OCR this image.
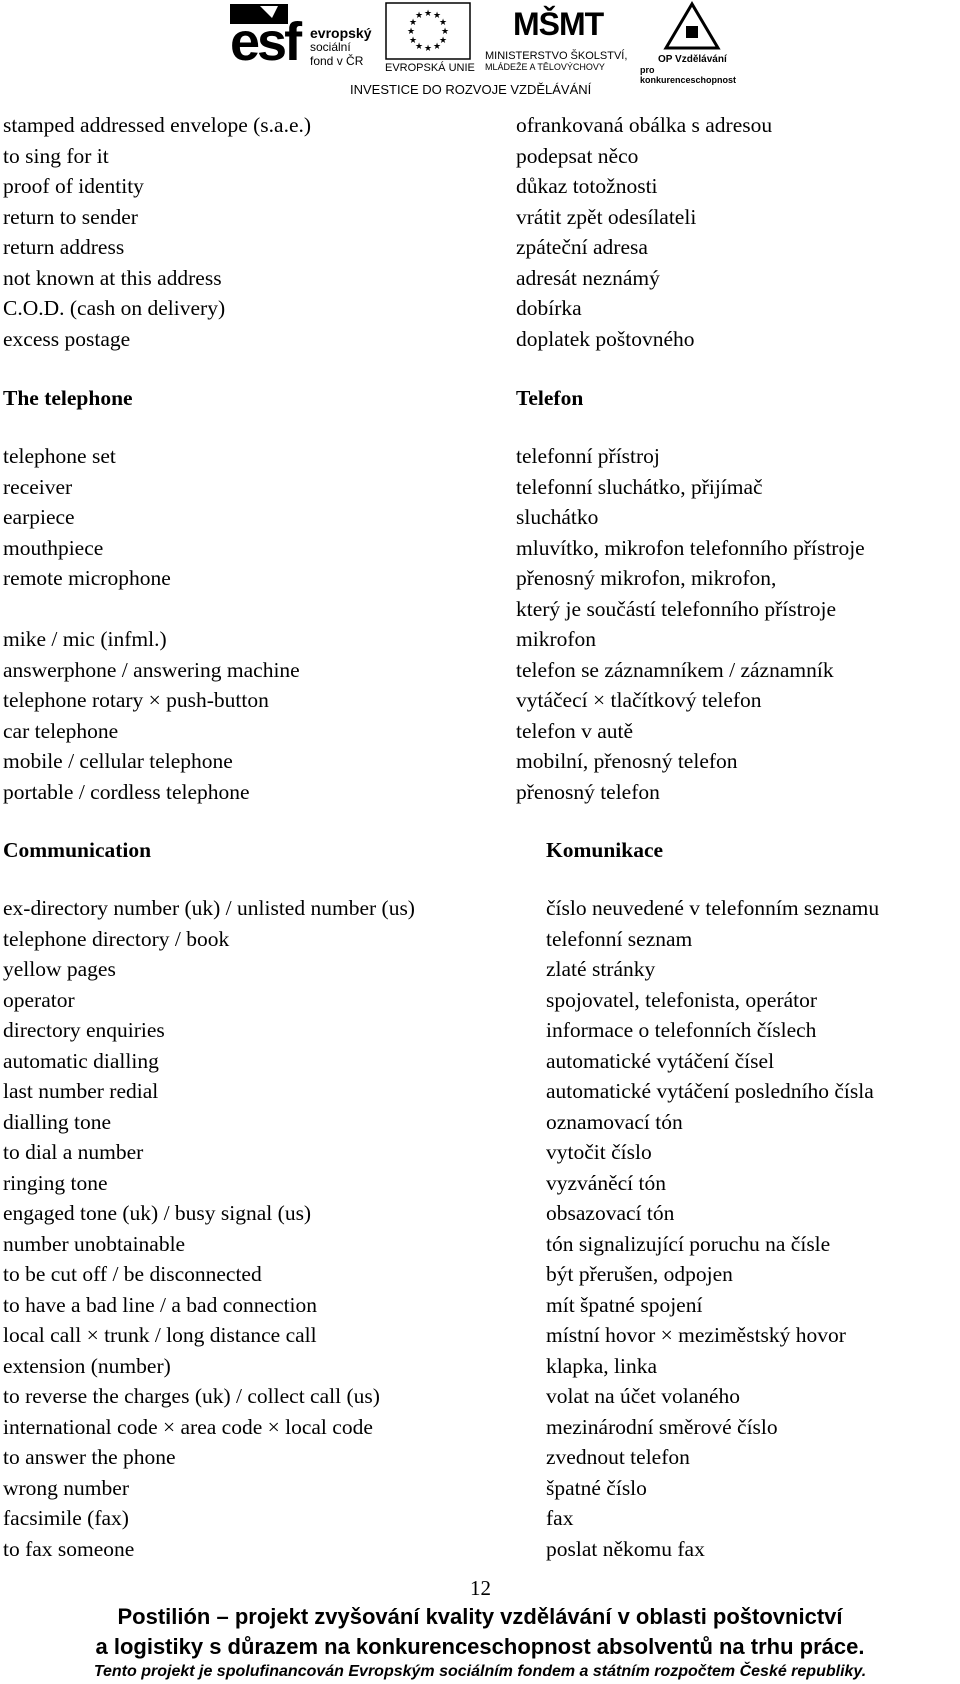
esf evropský
sociální
fond v ČR
★ ★
★
★
★
★
★
★
★
★
★
★
EVROPSKÁ UNIE
MŠMT
MINISTERSTVO ŠKOLSTVÍ,
MLÁDEŽE A TĚLOVÝCHOVY
OP Vzdělávání
pro konkurenceschopnost
INVESTICE DO ROZVOJE VZDĚLÁVÁNÍ
stamped addressed envelope (s.a.e.)
to sing for it
proof of identity
return to sender
return address
not known at this address
C.O.D. (cash on delivery)
excess postage
ofrankovaná obálka s adresou
podepsat něco
důkaz totožnosti
vrátit zpět odesílateli
zpáteční adresa
adresát neznámý
dobírka
doplatek poštovného
The telephone	Telefon
telephone set
receiver
earpiece
mouthpiece
remote microphone
mike / mic (infml.)
answerphone / answering machine
telephone rotary × push-button
car telephone
mobile / cellular telephone
portable / cordless telephone
telefonní přístroj
telefonní sluchátko, přijímač
sluchátko
mluvítko, mikrofon telefonního přístroje
přenosný mikrofon, mikrofon,
který je součástí telefonního přístroje
mikrofon
telefon se záznamníkem / záznamník
vytáčecí × tlačítkový telefon
telefon v autě
mobilní, přenosný telefon
přenosný telefon
Communication	Komunikace
ex-directory number (uk) / unlisted number (us)
telephone directory / book
yellow pages
operator
directory enquiries
automatic dialling
last number redial
dialling tone
to dial a number
ringing tone
engaged tone (uk) / busy signal (us)
number unobtainable
to be cut off / be disconnected
to have a bad line / a bad connection
local call × trunk / long distance call
extension (number)
to reverse the charges (uk) / collect call (us)
international code × area code × local code
to answer the phone
wrong number
facsimile (fax)
to fax someone
číslo neuvedené v telefonním seznamu
telefonní seznam
zlaté stránky
spojovatel, telefonista, operátor
informace o telefonních číslech
automatické vytáčení čísel
automatické vytáčení posledního čísla
oznamovací tón
vytočit číslo
vyzváněcí tón
obsazovací tón
tón signalizující poruchu na čísle
být přerušen, odpojen
mít špatné spojení
místní hovor × meziměstský hovor
klapka, linka
volat na účet volaného
mezinárodní směrové číslo
zvednout telefon
špatné číslo
fax
poslat někomu fax
12
Postilión – projekt zvyšování kvality vzdělávání v oblasti poštovnictví
a logistiky s důrazem na konkurenceschopnost absolventů na trhu práce.
Tento projekt je spolufinancován Evropským sociálním fondem a státním rozpočtem České republiky.
